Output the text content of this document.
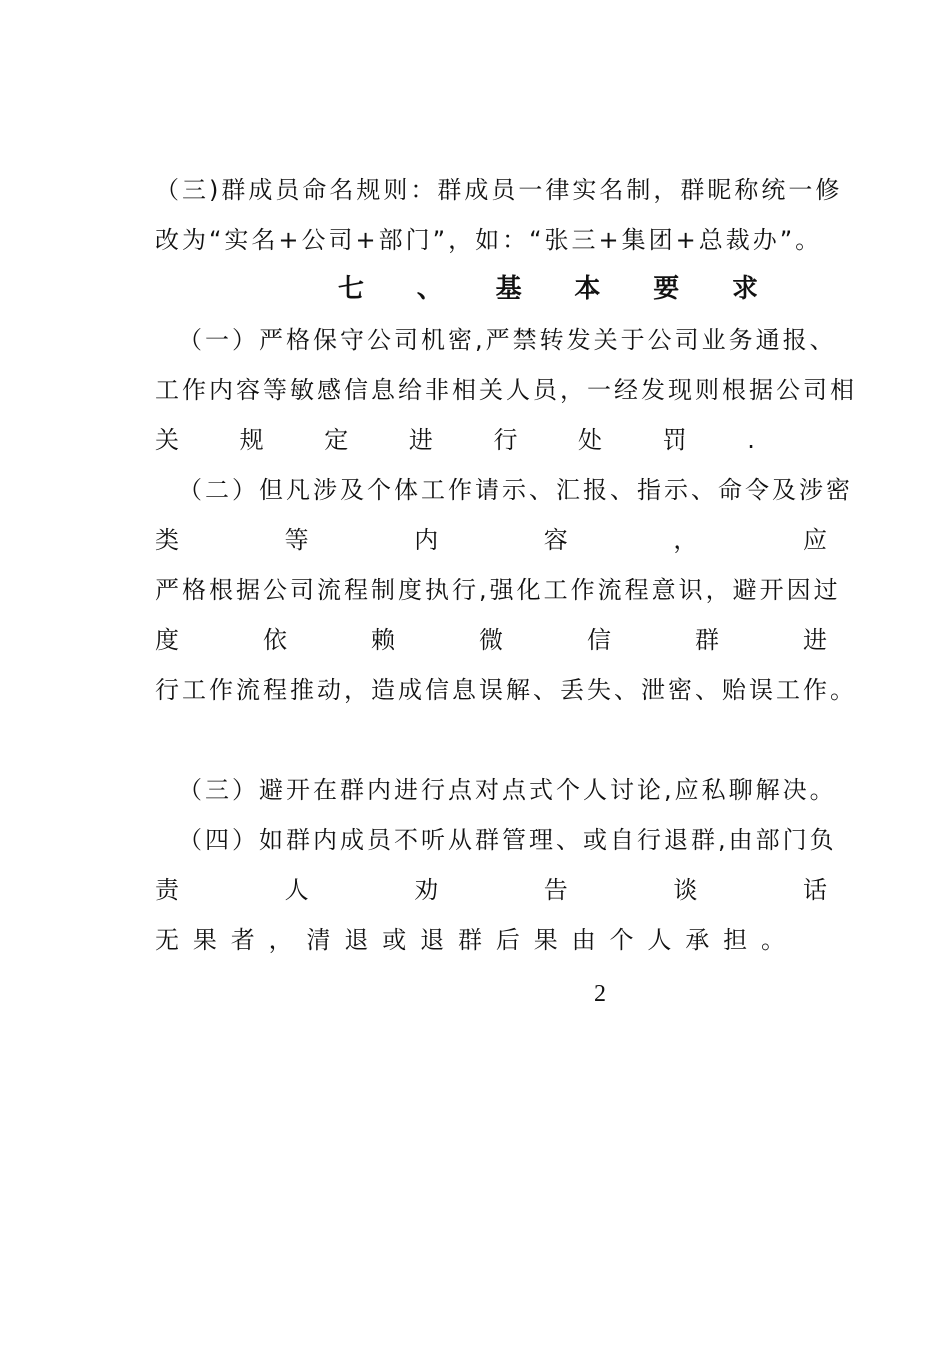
（三)群成员命名规则：群成员一律实名制，群昵称统一修
改为“实名+公司+部门”，如：“张三+集团+总裁办”。
七 、 基 本 要 求
（一）严格保守公司机密,严禁转发关于公司业务通报、
工作内容等敏感信息给非相关人员，一经发现则根据公司相
关	规	定	进	行	处	罚	.
（二）但凡涉及个体工作请示、汇报、指示、命令及涉密
类	等	内	容	，	应
严格根据公司流程制度执行,强化工作流程意识，避开因过
度	依	赖	微	信	群	进
行工作流程推动，造成信息误解、丢失、泄密、贻误工作。
（三）避开在群内进行点对点式个人讨论,应私聊解决。
（四）如群内成员不听从群管理、或自行退群,由部门负
责	人	劝	告	谈	话
无 果 者 ， 清 退 或 退 群 后 果 由 个 人 承 担 。
2
